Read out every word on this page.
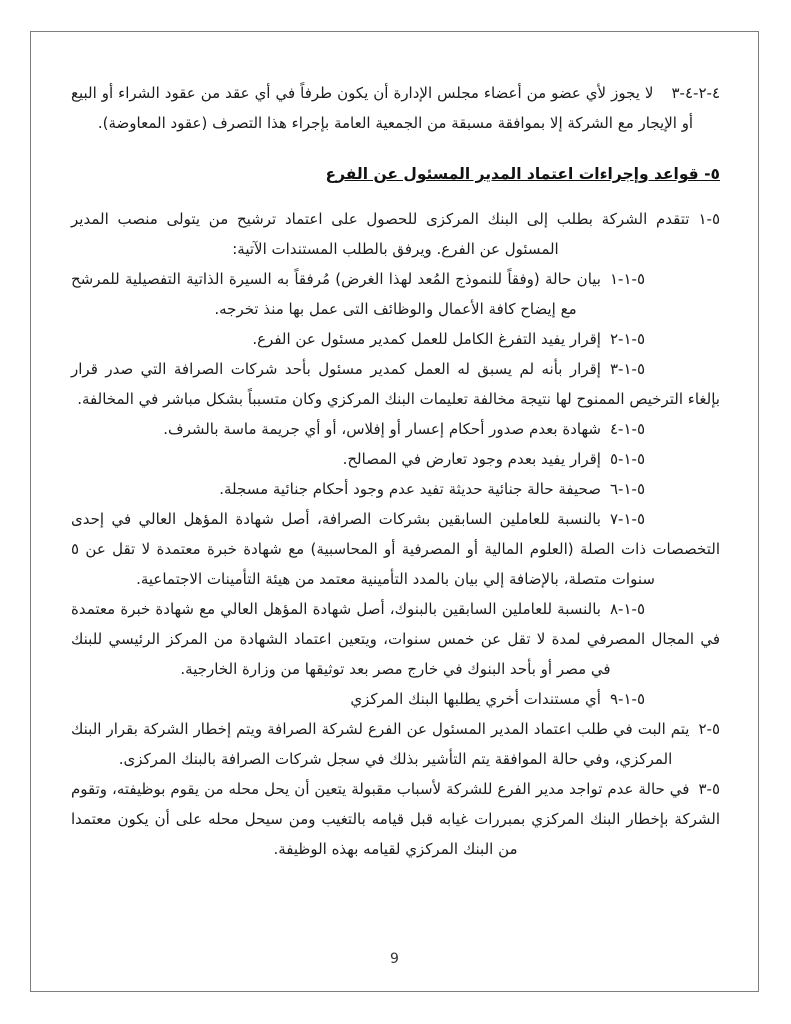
٤-٢-٤-٣لا يجوز لأي عضو من أعضاء مجلس الإدارة أن يكون طرفاً في أي عقد من عقود الشراء أو البيع أو الإيجار مع الشركة إلا بموافقة مسبقة من الجمعية العامة بإجراء هذا التصرف (عقود المعاوضة).

٥- قواعد وإجراءات اعتماد المدير المسئول عن الفرع

٥-١تتقدم الشركة بطلب إلى البنك المركزى للحصول على اعتماد ترشيح من يتولى منصب المدير المسئول عن الفرع. ويرفق بالطلب المستندات الآتية:

٥-١-١بيان حالة (وفقاً للنموذج المُعد لهذا الغرض) مُرفقاً به السيرة الذاتية التفصيلية للمرشح مع إيضاح كافة الأعمال والوظائف التى عمل بها منذ تخرجه.

٥-١-٢إقرار يفيد التفرغ الكامل للعمل كمدير مسئول عن الفرع.

٥-١-٣إقرار بأنه لم يسبق له العمل كمدير مسئول بأحد شركات الصرافة التي صدر قرار بإلغاء الترخيص الممنوح لها نتيجة مخالفة تعليمات البنك المركزي وكان متسبباً بشكل مباشر في المخالفة.

٥-١-٤شهادة بعدم صدور أحكام إعسار أو إفلاس، أو أي جريمة ماسة بالشرف.

٥-١-٥إقرار يفيد بعدم وجود تعارض في المصالح.

٥-١-٦صحيفة حالة جنائية حديثة تفيد عدم وجود أحكام جنائية مسجلة.

٥-١-٧بالنسبة للعاملين السابقين بشركات الصرافة، أصل شهادة المؤهل العالي في إحدى التخصصات ذات الصلة (العلوم المالية أو المصرفية أو المحاسبية) مع شهادة خبرة معتمدة لا تقل عن ٥ سنوات متصلة، بالإضافة إلي بيان بالمدد التأمينية معتمد من هيئة التأمينات الاجتماعية.

٥-١-٨بالنسبة للعاملين السابقين بالبنوك، أصل شهادة المؤهل العالي مع شهادة خبرة معتمدة في المجال المصرفي لمدة لا تقل عن خمس سنوات، ويتعين اعتماد الشهادة من المركز الرئيسي للبنك في مصر أو بأحد البنوك في خارج مصر بعد توثيقها من وزارة الخارجية.

٥-١-٩أي مستندات أخري يطلبها البنك المركزي

٥-٢يتم البت في طلب اعتماد المدير المسئول عن الفرع لشركة الصرافة ويتم إخطار الشركة بقرار البنك المركزي، وفي حالة الموافقة يتم التأشير بذلك في سجل شركات الصرافة بالبنك المركزى.

٥-٣في حالة عدم تواجد مدير الفرع للشركة لأسباب مقبولة يتعين أن يحل محله من يقوم بوظيفته، وتقوم الشركة بإخطار البنك المركزي بمبررات غيابه قبل قيامه بالتغيب ومن سيحل محله على أن يكون معتمدا من البنك المركزي لقيامه بهذه الوظيفة.

9
